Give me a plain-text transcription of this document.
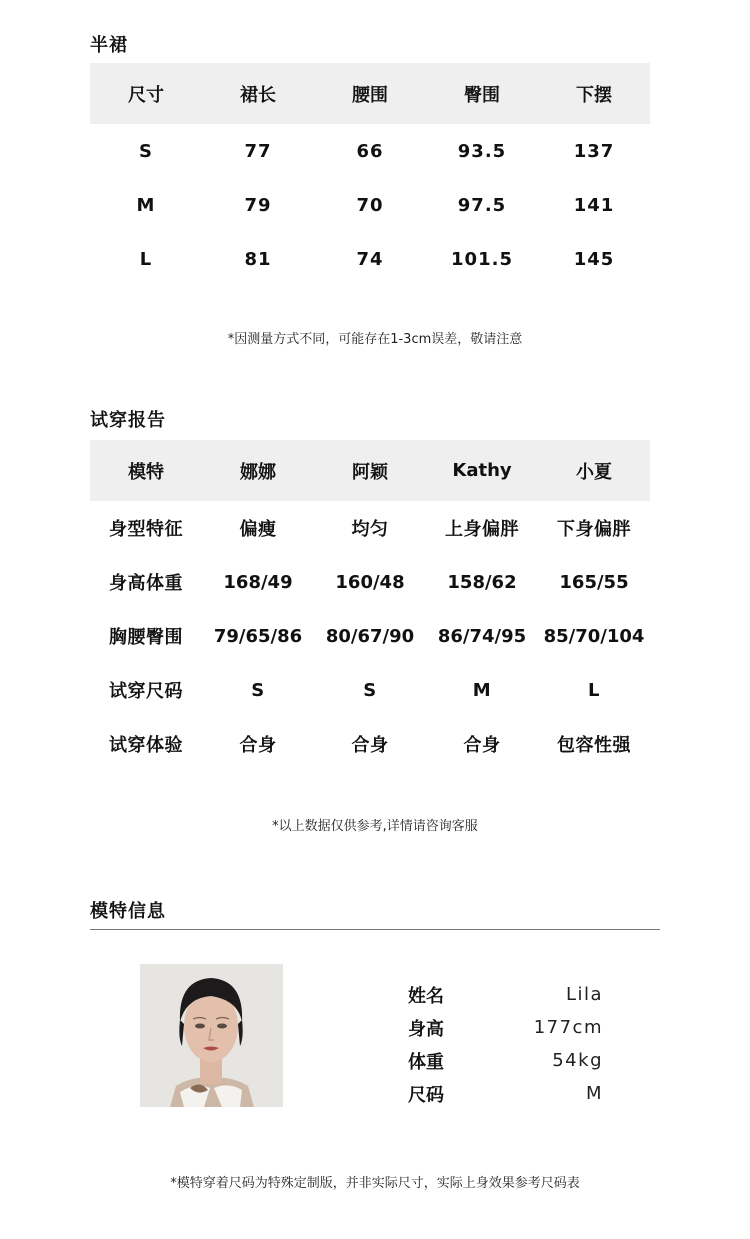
半裙
尺寸	裙长	腰围	臀围	下摆
S	77	66	93.5	137
M	79	70	97.5	141
L	81	74	101.5	145

*因测量方式不同，可能存在1-3cm误差，敬请注意

试穿报告
模特	娜娜	阿颖	Kathy	小夏
身型特征	偏瘦	均匀	上身偏胖	下身偏胖
身高体重	168/49	160/48	158/62	165/55
胸腰臀围	79/65/86	80/67/90	86/74/95	85/70/104
试穿尺码	S	S	M	L
试穿体验	合身	合身	合身	包容性强

*以上数据仅供参考,详情请咨询客服

模特信息
姓名	Lila
身高	177cm
体重	54kg
尺码	M

*模特穿着尺码为特殊定制版，并非实际尺寸，实际上身效果参考尺码表
